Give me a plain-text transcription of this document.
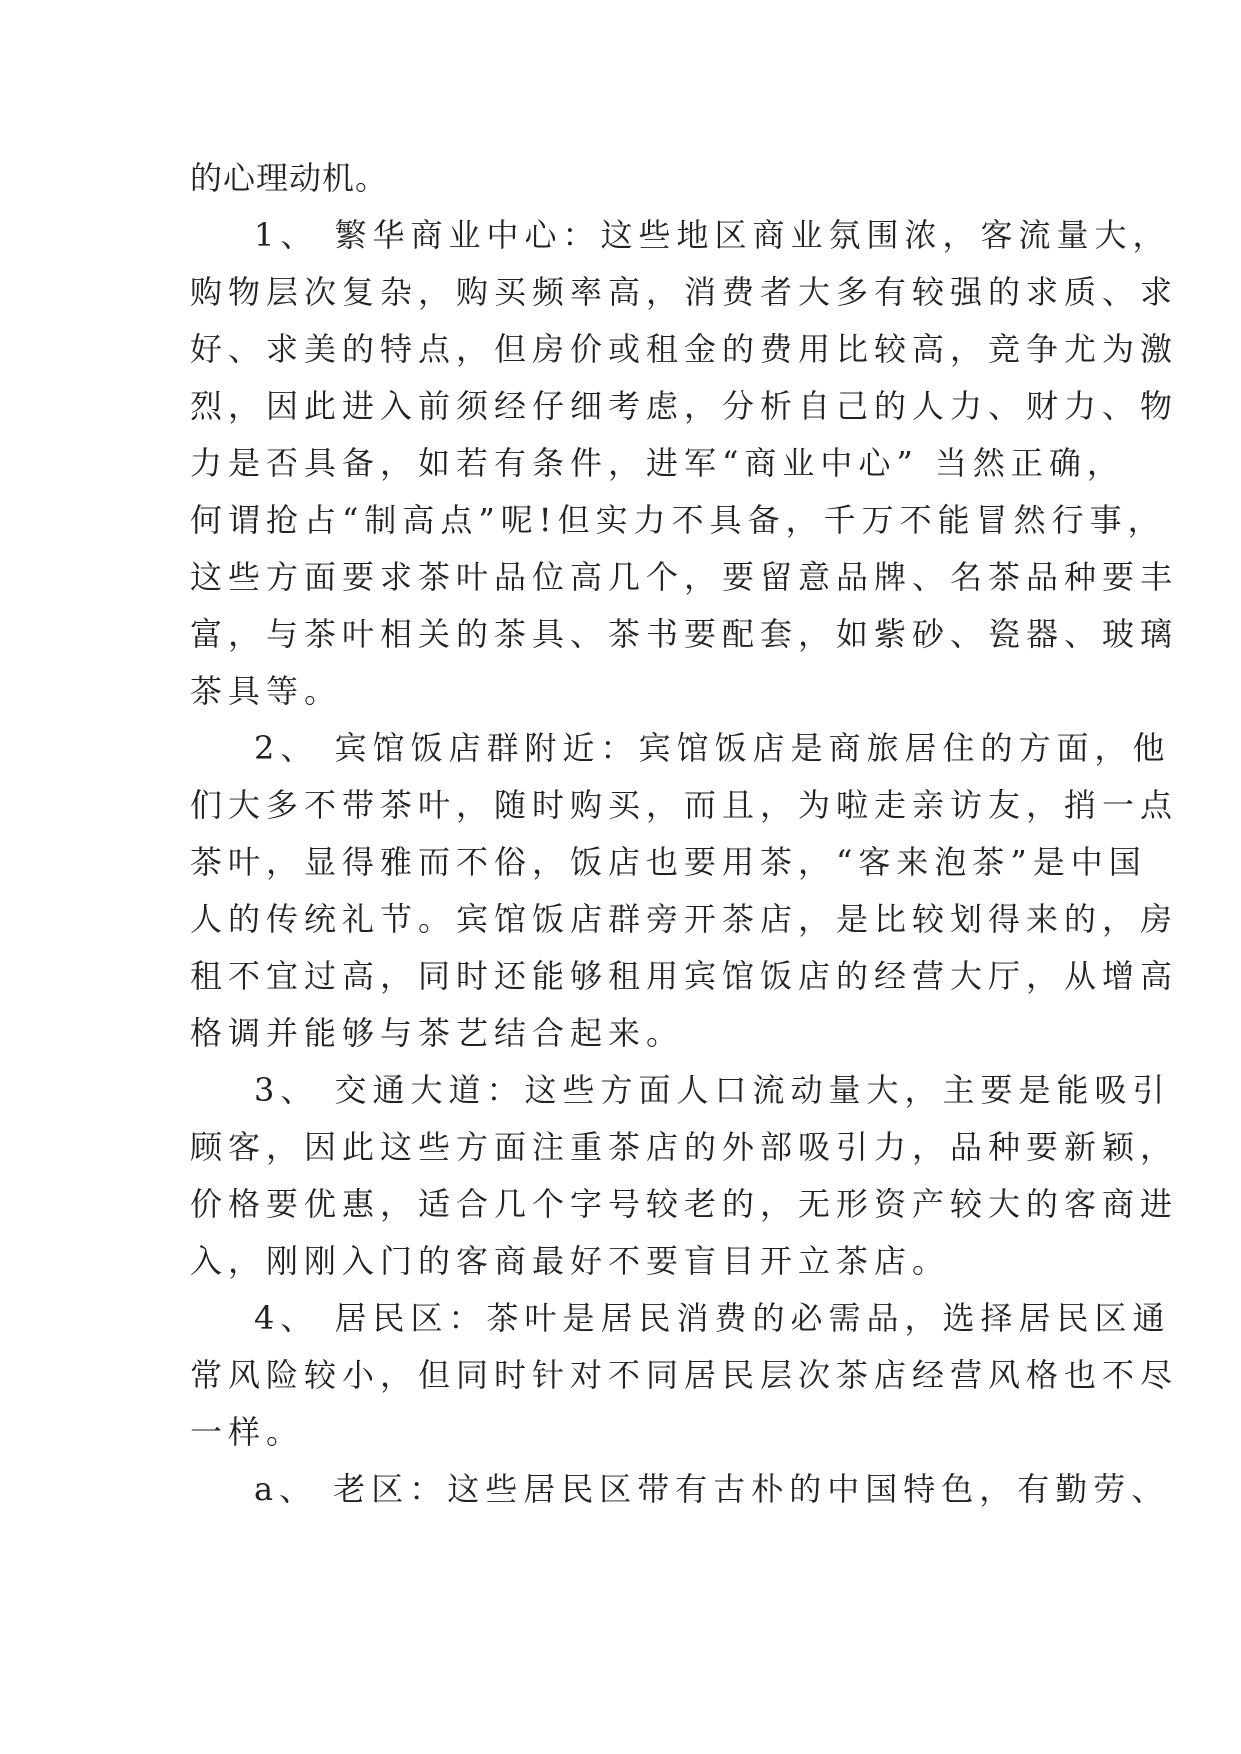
的心理动机。
1、 繁华商业中心：这些地区商业氛围浓，客流量大，
购物层次复杂，购买频率高，消费者大多有较强的求质、求
好、求美的特点，但房价或租金的费用比较高，竞争尤为激
烈，因此进入前须经仔细考虑，分析自己的人力、财力、物
力是否具备，如若有条件，进军“商业中心” 当然正确，
何谓抢占“制高点”呢!但实力不具备，千万不能冒然行事，
这些方面要求茶叶品位高几个，要留意品牌、名茶品种要丰
富，与茶叶相关的茶具、茶书要配套，如紫砂、瓷器、玻璃
茶具等。
2、 宾馆饭店群附近：宾馆饭店是商旅居住的方面，他
们大多不带茶叶，随时购买，而且，为啦走亲访友，捎一点
茶叶，显得雅而不俗，饭店也要用茶，“客来泡茶”是中国
人的传统礼节。宾馆饭店群旁开茶店，是比较划得来的，房
租不宜过高，同时还能够租用宾馆饭店的经营大厅，从增高
格调并能够与茶艺结合起来。
3、 交通大道：这些方面人口流动量大，主要是能吸引
顾客，因此这些方面注重茶店的外部吸引力，品种要新颖，
价格要优惠，适合几个字号较老的，无形资产较大的客商进
入，刚刚入门的客商最好不要盲目开立茶店。
4、 居民区：茶叶是居民消费的必需品，选择居民区通
常风险较小，但同时针对不同居民层次茶店经营风格也不尽
一样。
a、 老区：这些居民区带有古朴的中国特色，有勤劳、
